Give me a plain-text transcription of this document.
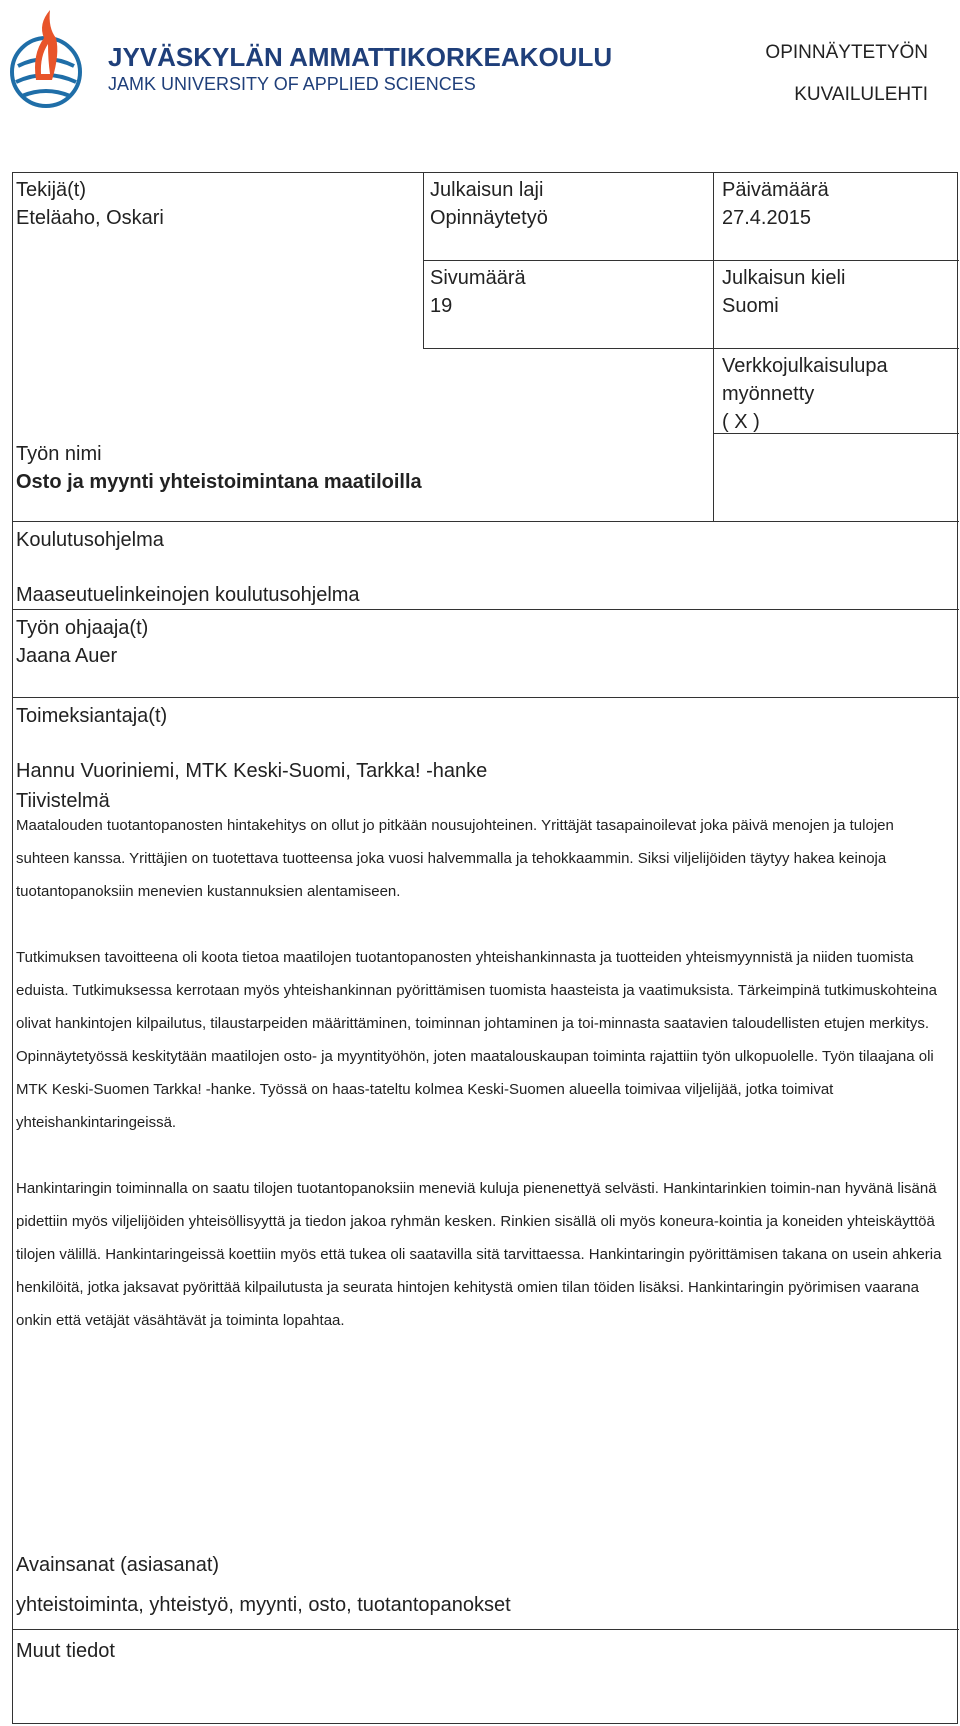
JYVÄSKYLÄN AMMATTIKORKEAKOULU
JAMK UNIVERSITY OF APPLIED SCIENCES
OPINNÄYTETYÖN
KUVAILULEHTI
Tekijä(t)
Eteläaho, Oskari
Julkaisun laji
Opinnäytetyö
Päivämäärä
27.4.2015
Sivumäärä
19
Julkaisun kieli
Suomi
Verkkojulkaisulupa
myönnetty
( X )
Työn nimi
Osto ja myynti yhteistoimintana maatiloilla
Koulutusohjelma
Maaseutuelinkeinojen koulutusohjelma
Työn ohjaaja(t)
Jaana Auer
Toimeksiantaja(t)
Hannu Vuoriniemi, MTK Keski-Suomi, Tarkka! -hanke
Tiivistelmä

Maatalouden tuotantopanosten hintakehitys on ollut jo pitkään nousujohteinen. Yrittäjät tasapainoilevat joka päivä menojen ja tulojen suhteen kanssa. Yrittäjien on tuotettava tuotteensa joka vuosi halvemmalla ja tehokkaammin. Siksi viljelijöiden täytyy hakea keinoja tuotantopanoksiin menevien kustannuksien alentamiseen.

Tutkimuksen tavoitteena oli koota tietoa maatilojen tuotantopanosten yhteishankinnasta ja tuotteiden yhteismyynnistä ja niiden tuomista eduista. Tutkimuksessa kerrotaan myös yhteishankinnan pyörittämisen tuomista haasteista ja vaatimuksista. Tärkeimpinä tutkimuskohteina olivat hankintojen kilpailutus, tilaustarpeiden määrittäminen, toiminnan johtaminen ja toi-minnasta saatavien taloudellisten etujen merkitys. Opinnäytetyössä keskitytään maatilojen osto- ja myyntityöhön, joten maatalouskaupan toiminta rajattiin työn ulkopuolelle. Työn tilaajana oli MTK Keski-Suomen Tarkka! -hanke. Työssä on haas-tateltu kolmea Keski-Suomen alueella toimivaa viljelijää, jotka toimivat yhteishankintaringeissä.

Hankintaringin toiminnalla on saatu tilojen tuotantopanoksiin meneviä kuluja pienenettyä selvästi. Hankintarinkien toimin-nan hyvänä lisänä pidettiin myös viljelijöiden yhteisöllisyyttä ja tiedon jakoa ryhmän kesken. Rinkien sisällä oli myös koneura-kointia ja koneiden yhteiskäyttöä tilojen välillä. Hankintaringeissä koettiin myös että tukea oli saatavilla sitä tarvittaessa. Hankintaringin pyörittämisen takana on usein ahkeria henkilöitä, jotka jaksavat pyörittää kilpailutusta ja seurata hintojen kehitystä omien tilan töiden lisäksi. Hankintaringin pyörimisen vaarana onkin että vetäjät väsähtävät ja toiminta lopahtaa.

Avainsanat (asiasanat)
yhteistoiminta, yhteistyö, myynti, osto, tuotantopanokset
Muut tiedot
